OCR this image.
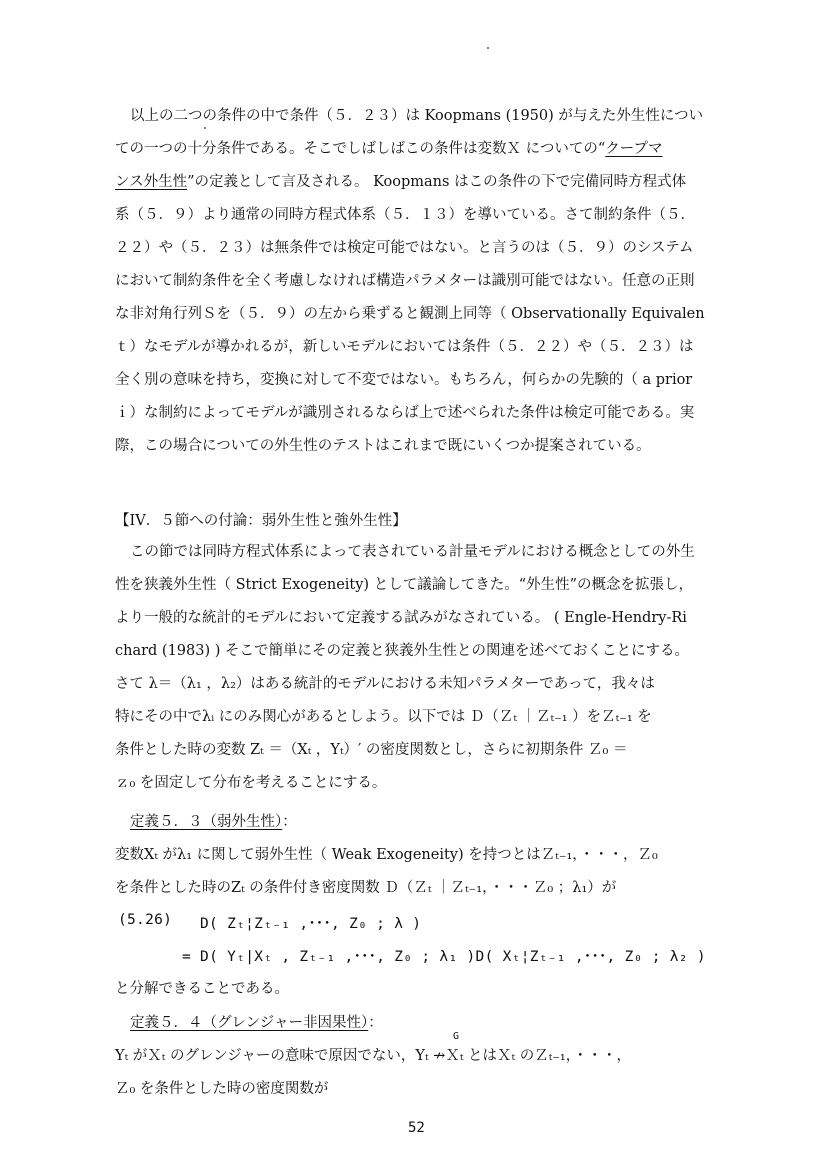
以上の二つの条件の中で条件（５．２３）は Koopmans (1950) が与えた外生性につい
ての一つの十分条件である。そこでしばしばこの条件は変数Ｘ についての“クープマ
ンス外生性”の定義として言及される。 Koopmans はこの条件の下で完備同時方程式体
系（５．９）より通常の同時方程式体系（５．１３）を導いている。さて制約条件（５．
２２）や（５．２３）は無条件では検定可能ではない。と言うのは（５．９）のシステム
において制約条件を全く考慮しなければ構造パラメターは識別可能ではない。任意の正則
な非対角行列Ｓを（５．９）の左から乗ずると観測上同等（ Observationally Equivalen
ｔ）なモデルが導かれるが，新しいモデルにおいては条件（５．２２）や（５．２３）は
全く別の意味を持ち，変換に対して不変ではない。もちろん，何らかの先験的（ a prior
ｉ）な制約によってモデルが識別されるならば上で述べられた条件は検定可能である。実
際，この場合についての外生性のテストはこれまで既にいくつか提案されている。
【IV．５節への付論：弱外生性と強外生性】
この節では同時方程式体系によって表されている計量モデルにおける概念としての外生
性を狭義外生性（ Strict Exogeneity) として議論してきた。“外生性”の概念を拡張し，
より一般的な統計的モデルにおいて定義する試みがなされている。 ( Engle-Hendry-Ri
chard (1983) ) そこで簡単にその定義と狭義外生性との関連を述べておくことにする。
さて λ＝（λ₁ ，λ₂）はある統計的モデルにおける未知パラメターであって，我々は
特にその中でλᵢ にのみ関心があるとしよう。以下では Ｄ（Ｚₜ ｜Ｚₜ₋₁ ）をＺₜ₋₁ を
条件とした時の変数 Zₜ ＝（Xₜ ，Yₜ）′ の密度関数とし，さらに初期条件 Ｚ₀ ＝
ｚ₀ を固定して分布を考えることにする。
定義５．３（弱外生性）：
変数Xₜ がλ₁ に関して弱外生性（ Weak Exogeneity) を持つとはＺₜ₋₁，・・・，Ｚ₀
を条件とした時のZₜ の条件付き密度関数 Ｄ（Ｚₜ ｜Ｚₜ₋₁，・・・Ｚ₀ ；λ₁）が
(5.26) D( Zₜ¦Zₜ₋₁ ,･･･, Z₀ ; λ )
= D( Yₜ|Xₜ , Zₜ₋₁ ,･･･, Z₀ ; λ₁ )D( Xₜ¦Zₜ₋₁ ,･･･, Z₀ ; λ₂ )
と分解できることである。
定義５．４（グレンジャー非因果性）：
G
Yₜ がＸₜ のグレンジャーの意味で原因でない，Yₜ ↛Ｘₜ とはＸₜ のＺₜ₋₁，・・・，
Ｚ₀ を条件とした時の密度関数が
52
